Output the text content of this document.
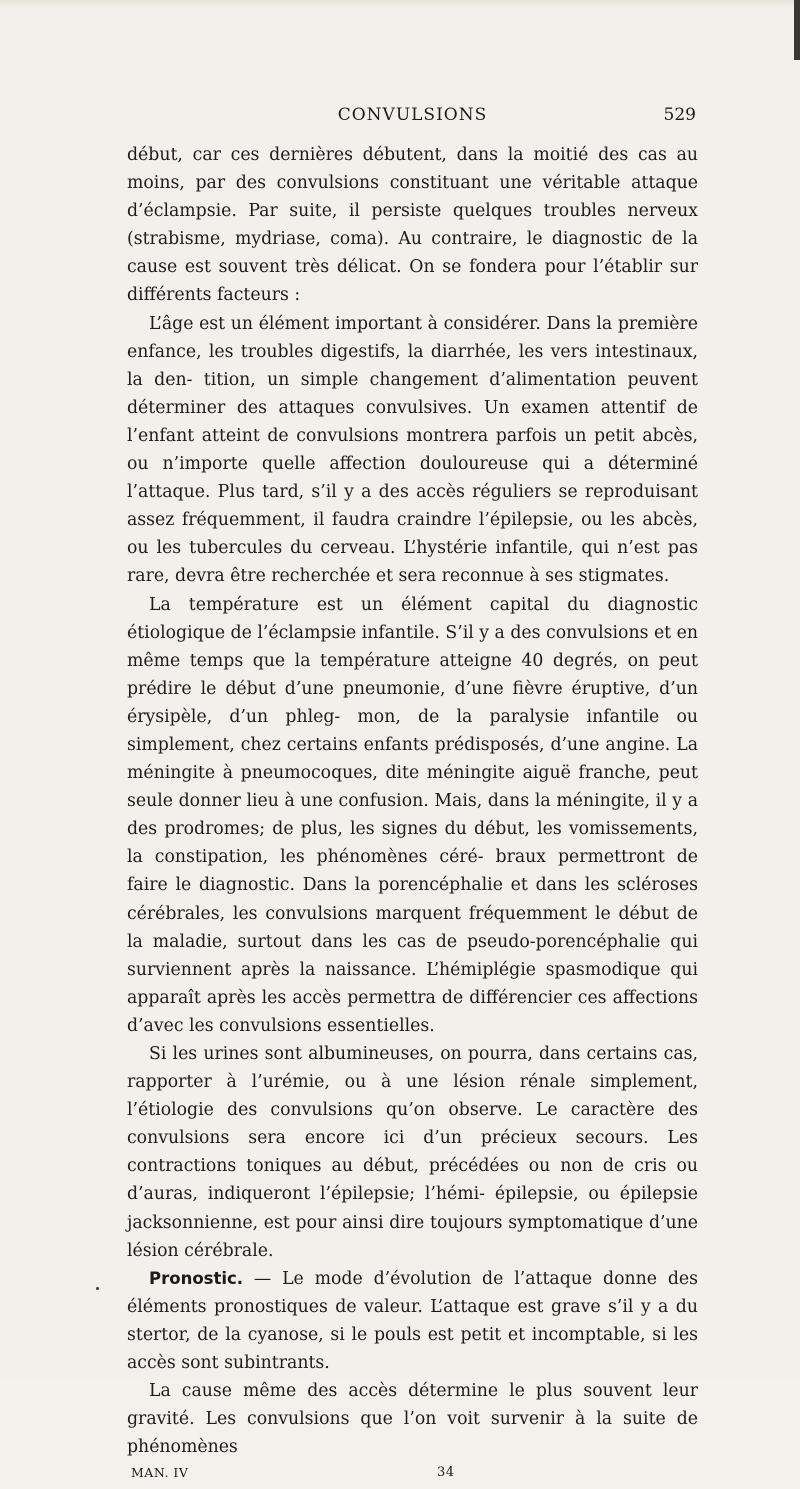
CONVULSIONS	529

début, car ces dernières débutent, dans la moitié des cas au moins, par des convulsions constituant une véritable attaque d’éclampsie. Par suite, il persiste quelques troubles nerveux (strabisme, mydriase, coma). Au contraire, le diagnostic de la cause est souvent très délicat. On se fondera pour l’établir sur différents facteurs :

L’âge est un élément important à considérer. Dans la première enfance, les troubles digestifs, la diarrhée, les vers intestinaux, la den- tition, un simple changement d’alimentation peuvent déterminer des attaques convulsives. Un examen attentif de l’enfant atteint de convulsions montrera parfois un petit abcès, ou n’importe quelle affection douloureuse qui a déterminé l’attaque. Plus tard, s’il y a des accès réguliers se reproduisant assez fréquemment, il faudra craindre l’épilepsie, ou les abcès, ou les tubercules du cerveau. L’hystérie infantile, qui n’est pas rare, devra être recherchée et sera reconnue à ses stigmates.

La température est un élément capital du diagnostic étiologique de l’éclampsie infantile. S’il y a des convulsions et en même temps que la température atteigne 40 degrés, on peut prédire le début d’une pneumonie, d’une fièvre éruptive, d’un érysipèle, d’un phleg- mon, de la paralysie infantile ou simplement, chez certains enfants prédisposés, d’une angine. La méningite à pneumocoques, dite méningite aiguë franche, peut seule donner lieu à une confusion. Mais, dans la méningite, il y a des prodromes; de plus, les signes du début, les vomissements, la constipation, les phénomènes céré- braux permettront de faire le diagnostic. Dans la porencéphalie et dans les scléroses cérébrales, les convulsions marquent fréquemment le début de la maladie, surtout dans les cas de pseudo-porencéphalie qui surviennent après la naissance. L’hémiplégie spasmodique qui apparaît après les accès permettra de différencier ces affections d’avec les convulsions essentielles.

Si les urines sont albumineuses, on pourra, dans certains cas, rapporter à l’urémie, ou à une lésion rénale simplement, l’étiologie des convulsions qu’on observe. Le caractère des convulsions sera encore ici d’un précieux secours. Les contractions toniques au début, précédées ou non de cris ou d’auras, indiqueront l’épilepsie; l’hémi- épilepsie, ou épilepsie jacksonnienne, est pour ainsi dire toujours symptomatique d’une lésion cérébrale.

Pronostic. — Le mode d’évolution de l’attaque donne des éléments pronostiques de valeur. L’attaque est grave s’il y a du stertor, de la cyanose, si le pouls est petit et incomptable, si les accès sont subintrants.

La cause même des accès détermine le plus souvent leur gravité. Les convulsions que l’on voit survenir à la suite de phénomènes

MAN. IV	34
